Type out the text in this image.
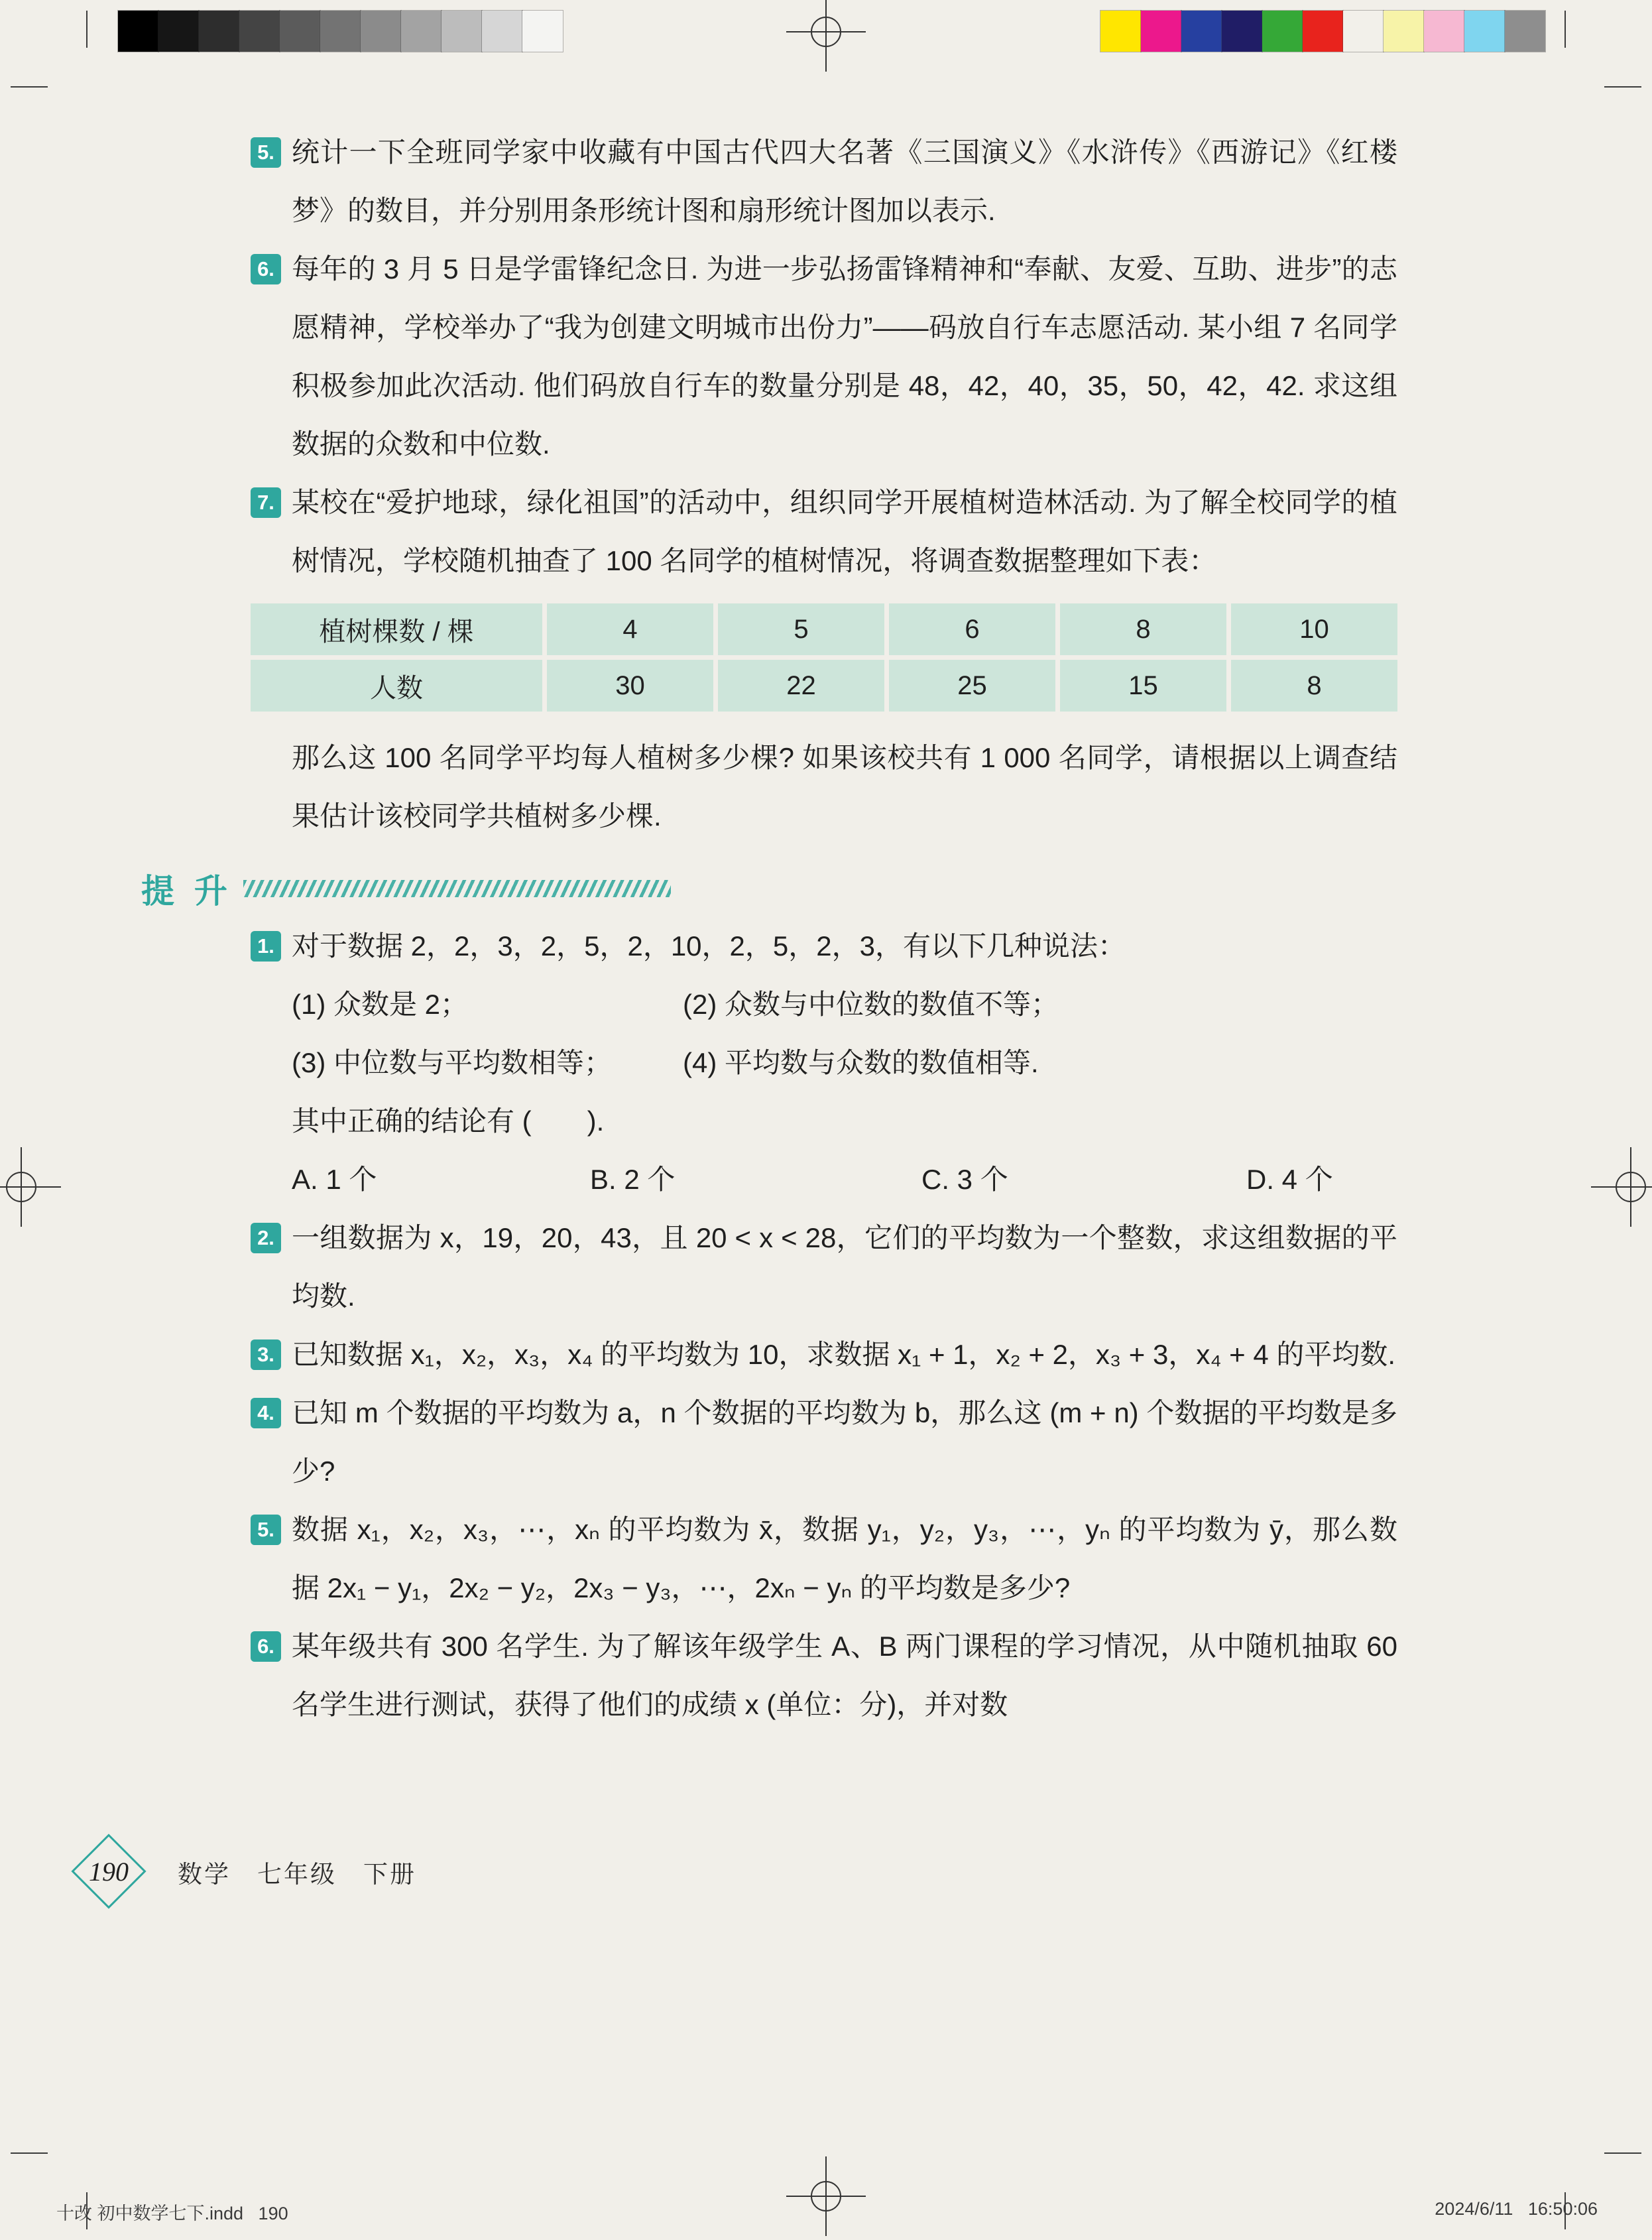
5. 统计一下全班同学家中收藏有中国古代四大名著《三国演义》《水浒传》《西游记》《红楼梦》的数目，并分别用条形统计图和扇形统计图加以表示.
6. 每年的 3 月 5 日是学雷锋纪念日. 为进一步弘扬雷锋精神和“奉献、友爱、互助、进步”的志愿精神，学校举办了“我为创建文明城市出份力”——码放自行车志愿活动. 某小组 7 名同学积极参加此次活动. 他们码放自行车的数量分别是 48，42，40，35，50，42，42. 求这组数据的众数和中位数.
7. 某校在“爱护地球，绿化祖国”的活动中，组织同学开展植树造林活动. 为了解全校同学的植树情况，学校随机抽查了 100 名同学的植树情况，将调查数据整理如下表：
植树棵数 / 棵	4	5	6	8	10
人数	30	22	25	15	8
那么这 100 名同学平均每人植树多少棵? 如果该校共有 1 000 名同学，请根据以上调查结果估计该校同学共植树多少棵.
提 升
1. 对于数据 2，2，3，2，5，2，10，2，5，2，3，有以下几种说法：
(1) 众数是 2；	(2) 众数与中位数的数值不等；
(3) 中位数与平均数相等；	(4) 平均数与众数的数值相等.
其中正确的结论有 (　　).
A. 1 个	B. 2 个	C. 3 个	D. 4 个
2. 一组数据为 x，19，20，43，且 20 < x < 28，它们的平均数为一个整数，求这组数据的平均数.
3. 已知数据 x₁，x₂，x₃，x₄ 的平均数为 10，求数据 x₁ + 1，x₂ + 2，x₃ + 3，x₄ + 4 的平均数.
4. 已知 m 个数据的平均数为 a，n 个数据的平均数为 b，那么这 (m + n) 个数据的平均数是多少?
5. 数据 x₁，x₂，x₃，⋯，xₙ 的平均数为 x̄，数据 y₁，y₂，y₃，⋯，yₙ 的平均数为 ȳ，那么数据 2x₁ − y₁，2x₂ − y₂，2x₃ − y₃，⋯，2xₙ − yₙ 的平均数是多少?
6. 某年级共有 300 名学生. 为了解该年级学生 A、B 两门课程的学习情况，从中随机抽取 60 名学生进行测试，获得了他们的成绩 x (单位：分)，并对数
190	数学　七年级　下册
十改 初中数学七下.indd   190	2024/6/11   16:50:06
